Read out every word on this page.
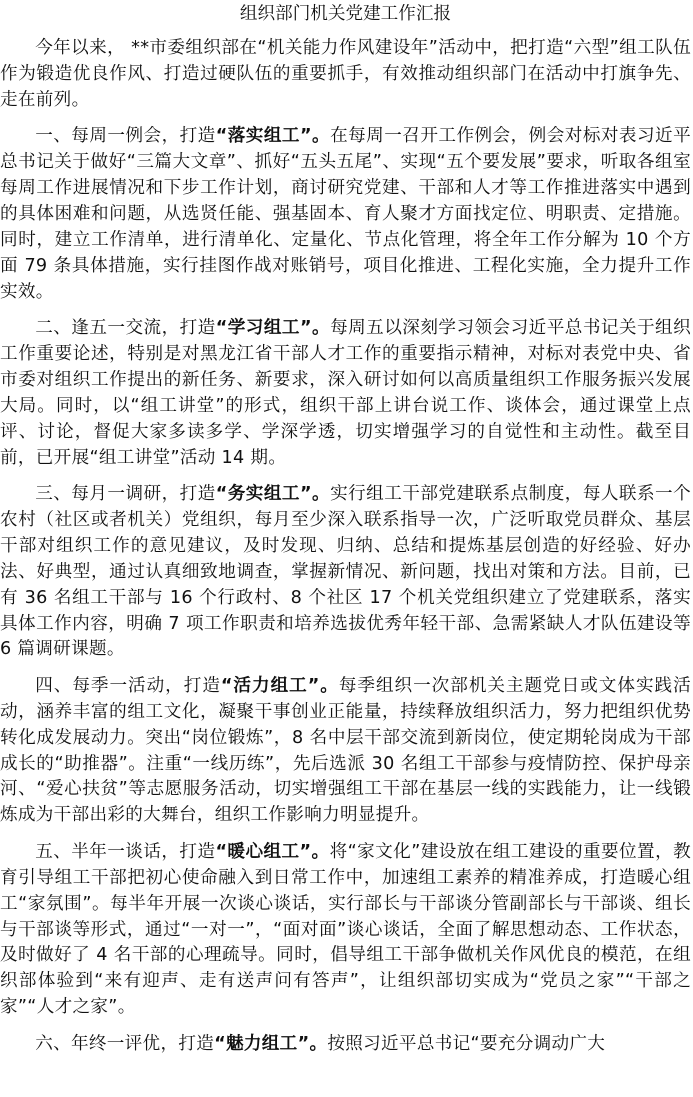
组织部门机关党建工作汇报

今年以来， **市委组织部在“机关能力作风建设年”活动中，把打造“六型”组工队伍作为锻造优良作风、打造过硬队伍的重要抓手，有效推动组织部门在活动中打旗争先、走在前列。

一、每周一例会，打造“落实组工”。在每周一召开工作例会，例会对标对表习近平总书记关于做好“三篇大文章”、抓好“五头五尾”、实现“五个要发展”要求，听取各组室每周工作进展情况和下步工作计划，商讨研究党建、干部和人才等工作推进落实中遇到的具体困难和问题，从选贤任能、强基固本、育人聚才方面找定位、明职责、定措施。同时，建立工作清单，进行清单化、定量化、节点化管理，将全年工作分解为 10 个方面 79 条具体措施，实行挂图作战对账销号，项目化推进、工程化实施，全力提升工作实效。

二、逢五一交流，打造“学习组工”。每周五以深刻学习领会习近平总书记关于组织工作重要论述，特别是对黑龙江省干部人才工作的重要指示精神，对标对表党中央、省市委对组织工作提出的新任务、新要求，深入研讨如何以高质量组织工作服务振兴发展大局。同时，以“组工讲堂”的形式，组织干部上讲台说工作、谈体会，通过课堂上点评、讨论，督促大家多读多学、学深学透，切实增强学习的自觉性和主动性。截至目前，已开展“组工讲堂”活动 14 期。

三、每月一调研，打造“务实组工”。实行组工干部党建联系点制度，每人联系一个农村（社区或者机关）党组织，每月至少深入联系指导一次，广泛听取党员群众、基层干部对组织工作的意见建议，及时发现、归纳、总结和提炼基层创造的好经验、好办法、好典型，通过认真细致地调查，掌握新情况、新问题，找出对策和方法。目前，已有 36 名组工干部与 16 个行政村、8 个社区 17 个机关党组织建立了党建联系，落实具体工作内容，明确 7 项工作职责和培养选拔优秀年轻干部、急需紧缺人才队伍建设等 6 篇调研课题。

四、每季一活动，打造“活力组工”。每季组织一次部机关主题党日或文体实践活动，涵养丰富的组工文化，凝聚干事创业正能量，持续释放组织活力，努力把组织优势转化成发展动力。突出“岗位锻炼”，8 名中层干部交流到新岗位，使定期轮岗成为干部成长的“助推器”。注重“一线历练”，先后选派 30 名组工干部参与疫情防控、保护母亲河、“爱心扶贫”等志愿服务活动，切实增强组工干部在基层一线的实践能力，让一线锻炼成为干部出彩的大舞台，组织工作影响力明显提升。

五、半年一谈话，打造“暖心组工”。将“家文化”建设放在组工建设的重要位置，教育引导组工干部把初心使命融入到日常工作中，加速组工素养的精准养成，打造暖心组工“家氛围”。每半年开展一次谈心谈话，实行部长与干部谈分管副部长与干部谈、组长与干部谈等形式，通过“一对一”，“面对面”谈心谈话，全面了解思想动态、工作状态，及时做好了 4 名干部的心理疏导。同时，倡导组工干部争做机关作风优良的模范，在组织部体验到“来有迎声、走有送声问有答声”，让组织部切实成为“党员之家”“干部之家”“人才之家”。

六、年终一评优，打造“魅力组工”。按照习近平总书记“要充分调动广大
